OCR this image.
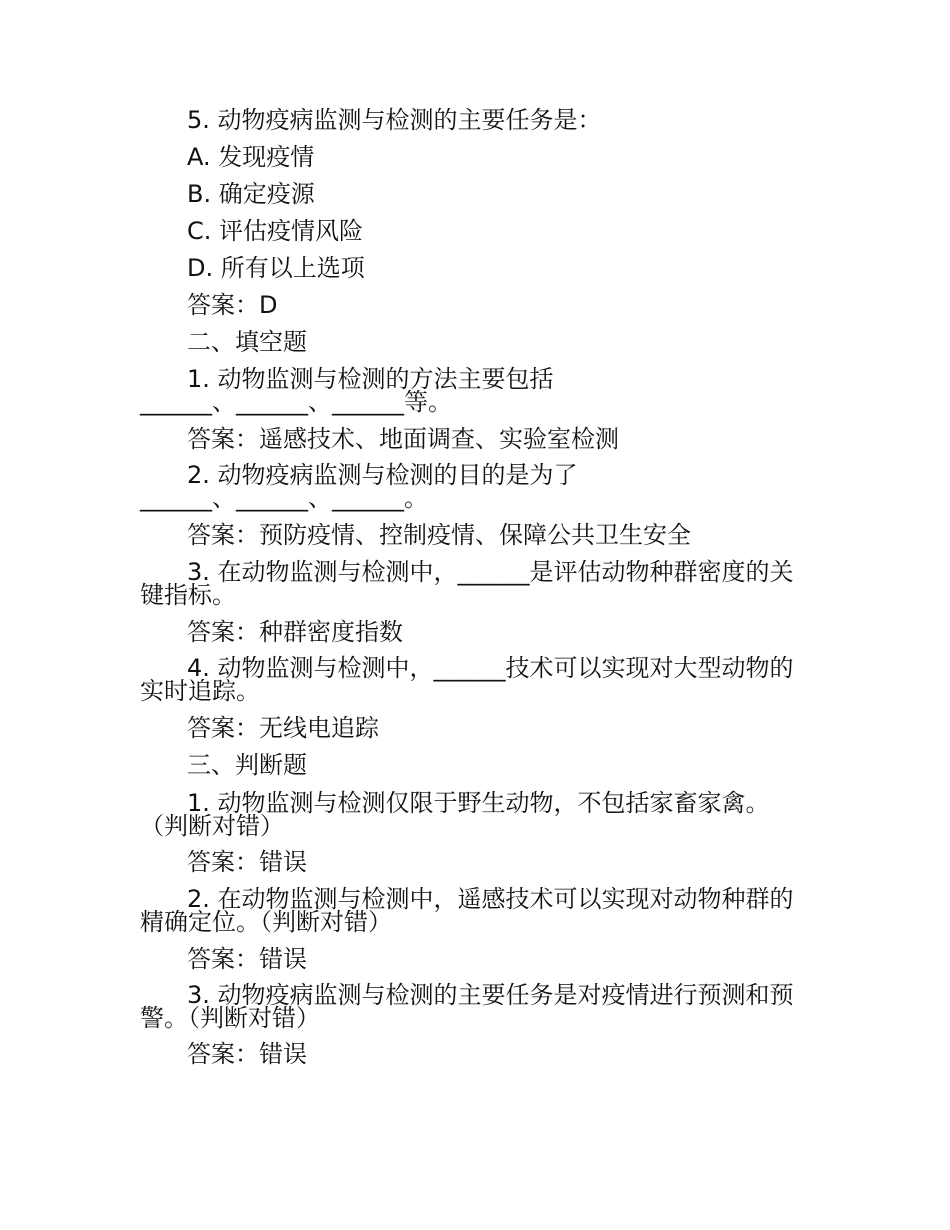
5. 动物疫病监测与检测的主要任务是：
A. 发现疫情
B. 确定疫源
C. 评估疫情风险
D. 所有以上选项
答案：D
二、填空题
1. 动物监测与检测的方法主要包括
______、______、______等。
答案：遥感技术、地面调查、实验室检测
2. 动物疫病监测与检测的目的是为了
______、______、______。
答案：预防疫情、控制疫情、保障公共卫生安全
3. 在动物监测与检测中，______是评估动物种群密度的关
键指标。
答案：种群密度指数
4. 动物监测与检测中，______技术可以实现对大型动物的
实时追踪。
答案：无线电追踪
三、判断题
1. 动物监测与检测仅限于野生动物，不包括家畜家禽。
（判断对错）
答案：错误
2. 在动物监测与检测中，遥感技术可以实现对动物种群的
精确定位。（判断对错）
答案：错误
3. 动物疫病监测与检测的主要任务是对疫情进行预测和预
警。（判断对错）
答案：错误
